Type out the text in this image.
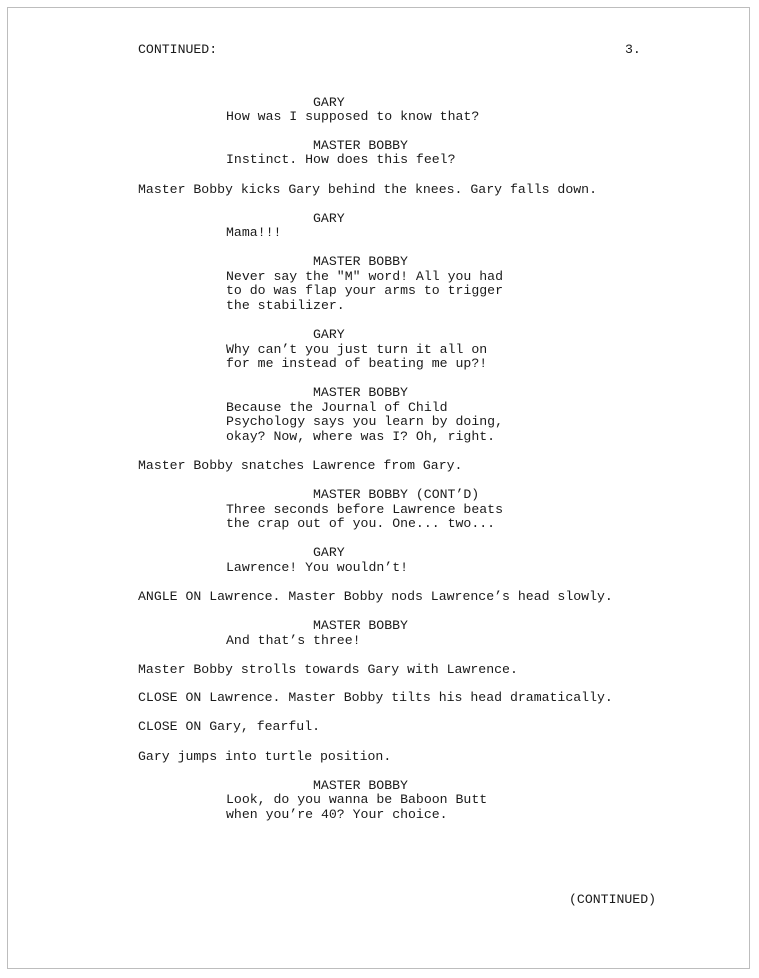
CONTINUED:	3.

GARY

How was I supposed to know that?

MASTER BOBBY

Instinct. How does this feel?

Master Bobby kicks Gary behind the knees. Gary falls down.

GARY

Mama!!!

MASTER BOBBY

Never say the "M" word! All you had

to do was flap your arms to trigger

the stabilizer.

GARY

Why can’t you just turn it all on

for me instead of beating me up?!

MASTER BOBBY

Because the Journal of Child

Psychology says you learn by doing,

okay? Now, where was I? Oh, right.

Master Bobby snatches Lawrence from Gary.

MASTER BOBBY (CONT’D)

Three seconds before Lawrence beats

the crap out of you. One... two...

GARY

Lawrence! You wouldn’t!

ANGLE ON Lawrence. Master Bobby nods Lawrence’s head slowly.

MASTER BOBBY

And that’s three!

Master Bobby strolls towards Gary with Lawrence.

CLOSE ON Lawrence. Master Bobby tilts his head dramatically.

CLOSE ON Gary, fearful.

Gary jumps into turtle position.

MASTER BOBBY

Look, do you wanna be Baboon Butt

when you’re 40? Your choice.

(CONTINUED)
